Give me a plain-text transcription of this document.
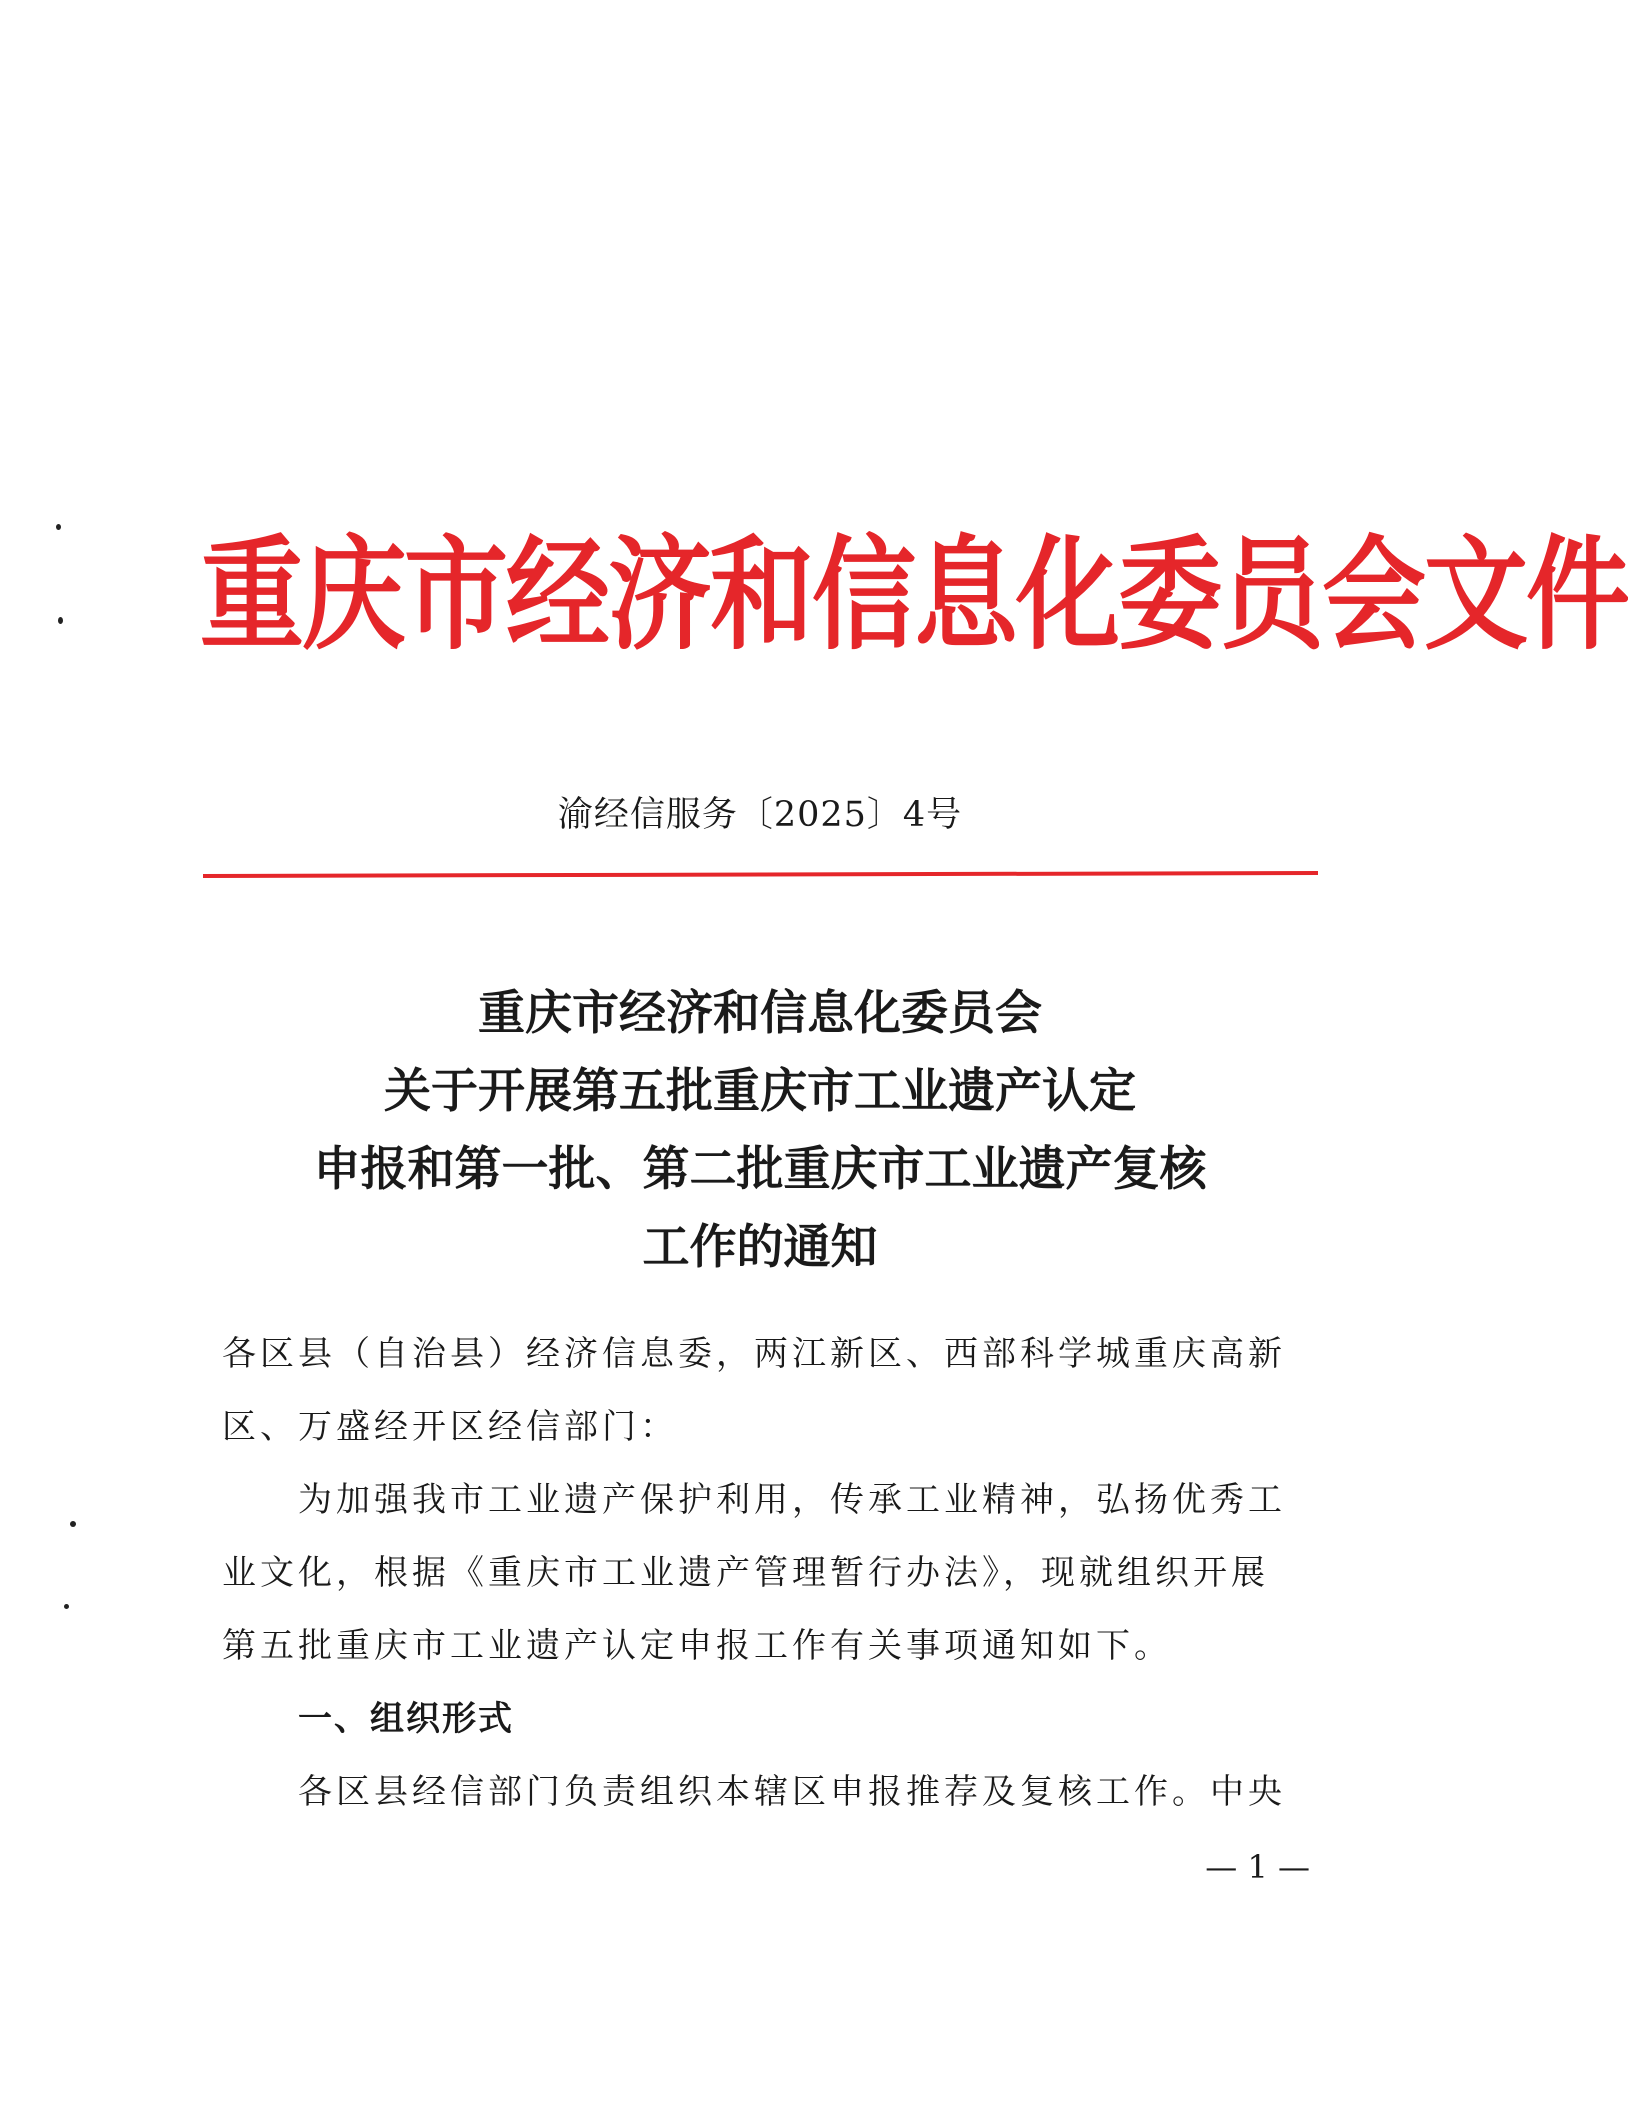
重庆市经济和信息化委员会文件
渝经信服务〔2025〕4号
重庆市经济和信息化委员会
关于开展第五批重庆市工业遗产认定
申报和第一批、第二批重庆市工业遗产复核
工作的通知

各区县（自治县）经济信息委，两江新区、西部科学城重庆高新

区、万盛经开区经信部门：

为加强我市工业遗产保护利用，传承工业精神，弘扬优秀工

业文化，根据《重庆市工业遗产管理暂行办法》，现就组织开展

第五批重庆市工业遗产认定申报工作有关事项通知如下。

一、组织形式

各区县经信部门负责组织本辖区申报推荐及复核工作。中央

— 1 —
